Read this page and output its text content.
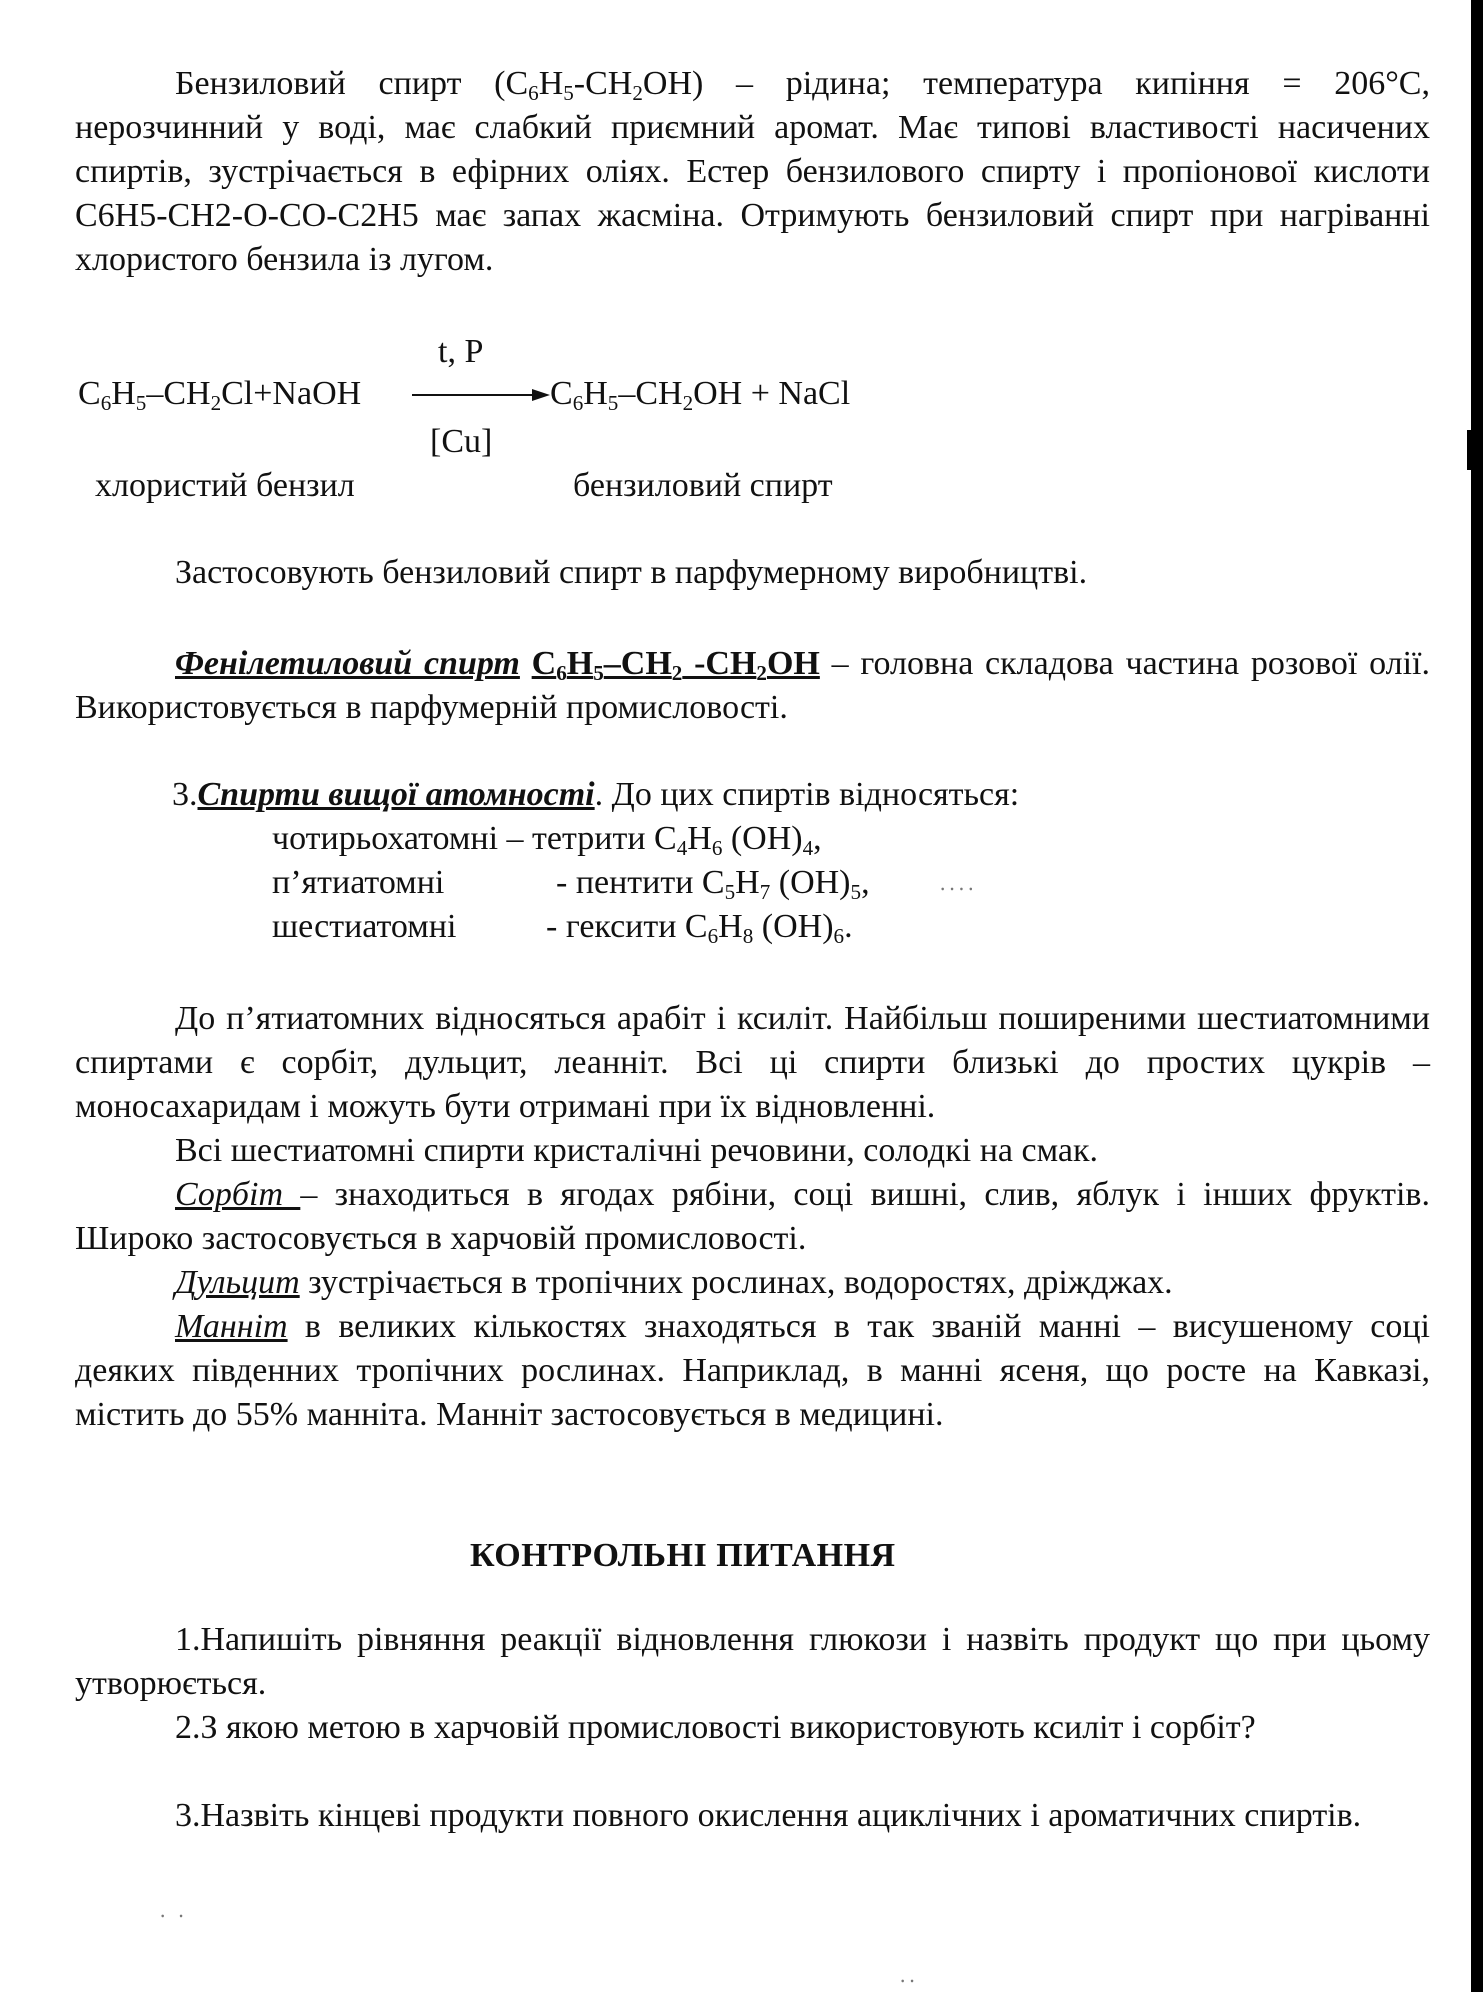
Бензиловий спирт $(C_6H_5-CH_2OH)$ – рідина; температура кипіння = 206°С, нерозчинний у воді, має слабкий приємний аромат. Має типові властивості насичених спиртів, зустрічається в ефірних оліях. Естер бензилового спирту і пропіонової кислоти С6Н5-СН2-О-СО-С2Н5 має запах жасміна. Отримують бензиловий спирт при нагріванні хлористого бензила із лугом.

t, P
$C_6H_5-CH_2Cl+NaOH$	$C_6H_5-CH_2OH$ + NaCl
[Cu]
хлористий бензил	бензиловий спирт

Застосовують бензиловий спирт в парфумерному виробництві.

Фенілетиловий спирт $C_6H_5-CH_2$ $-CH_2OH$ – головна складова частина розової олії. Використовується в парфумерній промисловості.

3.Спирти вищої атомності. До цих спиртів відносяться:
чотирьохатомні – тетрити $C_4H_6$ $(OH)_4$,
п’ятиатомні	- пентити $C_5H_7$ $(OH)_5$,
шестиатомні	- гексити $C_6H_8$ $(OH)_6$.

До п’ятиатомних відносяться арабіт і ксиліт. Найбільш поширеними шестиатомними спиртами є сорбіт, дульцит, леанніт. Всі ці спирти близькі до простих цукрів – моносахаридам і можуть бути отримані при їх відновленні.

Всі шестиатомні спирти кристалічні речовини, солодкі на смак.

Сорбіт – знаходиться в ягодах рябіни, соці вишні, слив, яблук і інших фруктів. Широко застосовується в харчовій промисловості.

Дульцит зустрічається в тропічних рослинах, водоростях, дріжджах.

Манніт в великих кількостях знаходяться в так званій манні – висушеному соці деяких південних тропічних рослинах. Наприклад, в манні ясеня, що росте на Кавказі, містить до 55% маннiта. Манніт застосовується в медицині.

КОНТРОЛЬНІ ПИТАННЯ

1.Напишіть рівняння реакції відновлення глюкози і назвіть продукт що при цьому утворюється.

2.З якою метою в харчовій промисловості використовують ксиліт і сорбіт?

3.Назвіть кінцеві продукти повного окислення ациклічних і ароматичних спиртів.

⸱⸱⸱⸱
⸱ ⸱
⸱⸱
